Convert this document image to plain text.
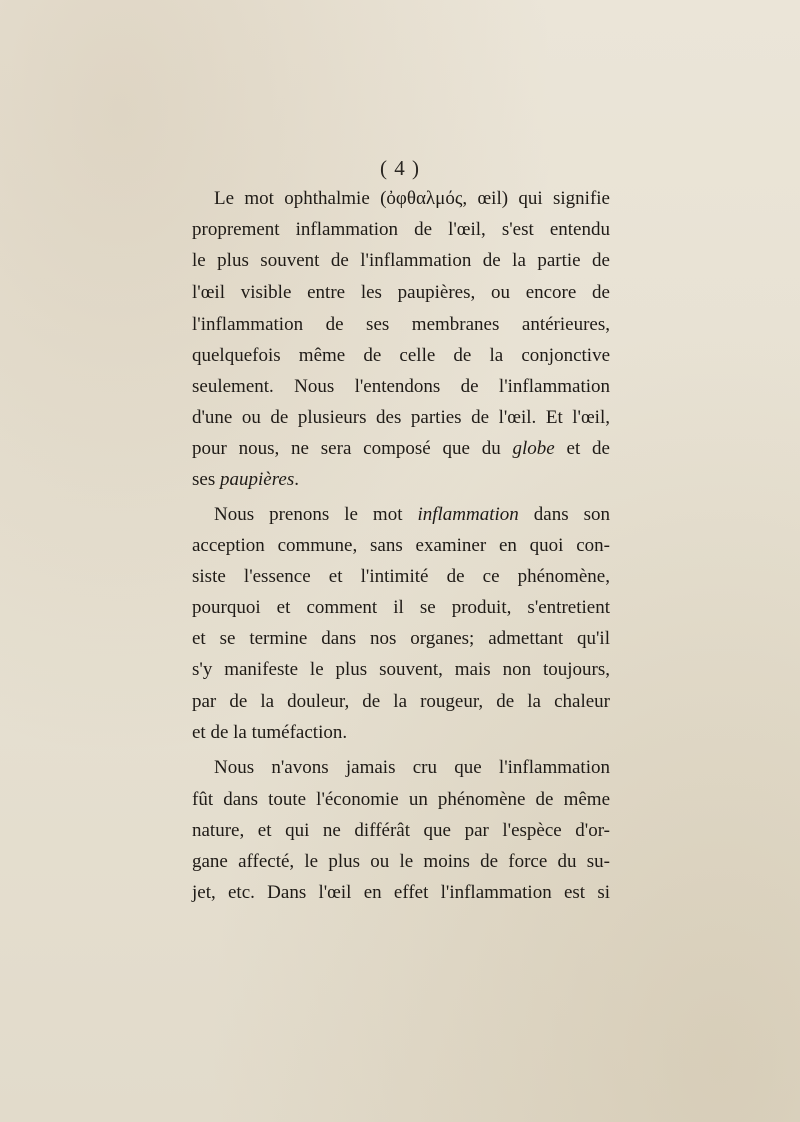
( 4 )
Le mot ophthalmie (ὀφθαλμός, œil) qui signifie
proprement inflammation de l'œil, s'est entendu
le plus souvent de l'inflammation de la partie de
l'œil visible entre les paupières, ou encore de
l'inflammation de ses membranes antérieures,
quelquefois même de celle de la conjonctive
seulement. Nous l'entendons de l'inflammation
d'une ou de plusieurs des parties de l'œil. Et l'œil,
pour nous, ne sera composé que du globe et de
ses paupières.
Nous prenons le mot inflammation dans son
acception commune, sans examiner en quoi con-
siste l'essence et l'intimité de ce phénomène,
pourquoi et comment il se produit, s'entretient
et se termine dans nos organes; admettant qu'il
s'y manifeste le plus souvent, mais non toujours,
par de la douleur, de la rougeur, de la chaleur
et de la tuméfaction.
Nous n'avons jamais cru que l'inflammation
fût dans toute l'économie un phénomène de même
nature, et qui ne différât que par l'espèce d'or-
gane affecté, le plus ou le moins de force du su-
jet, etc. Dans l'œil en effet l'inflammation est si
